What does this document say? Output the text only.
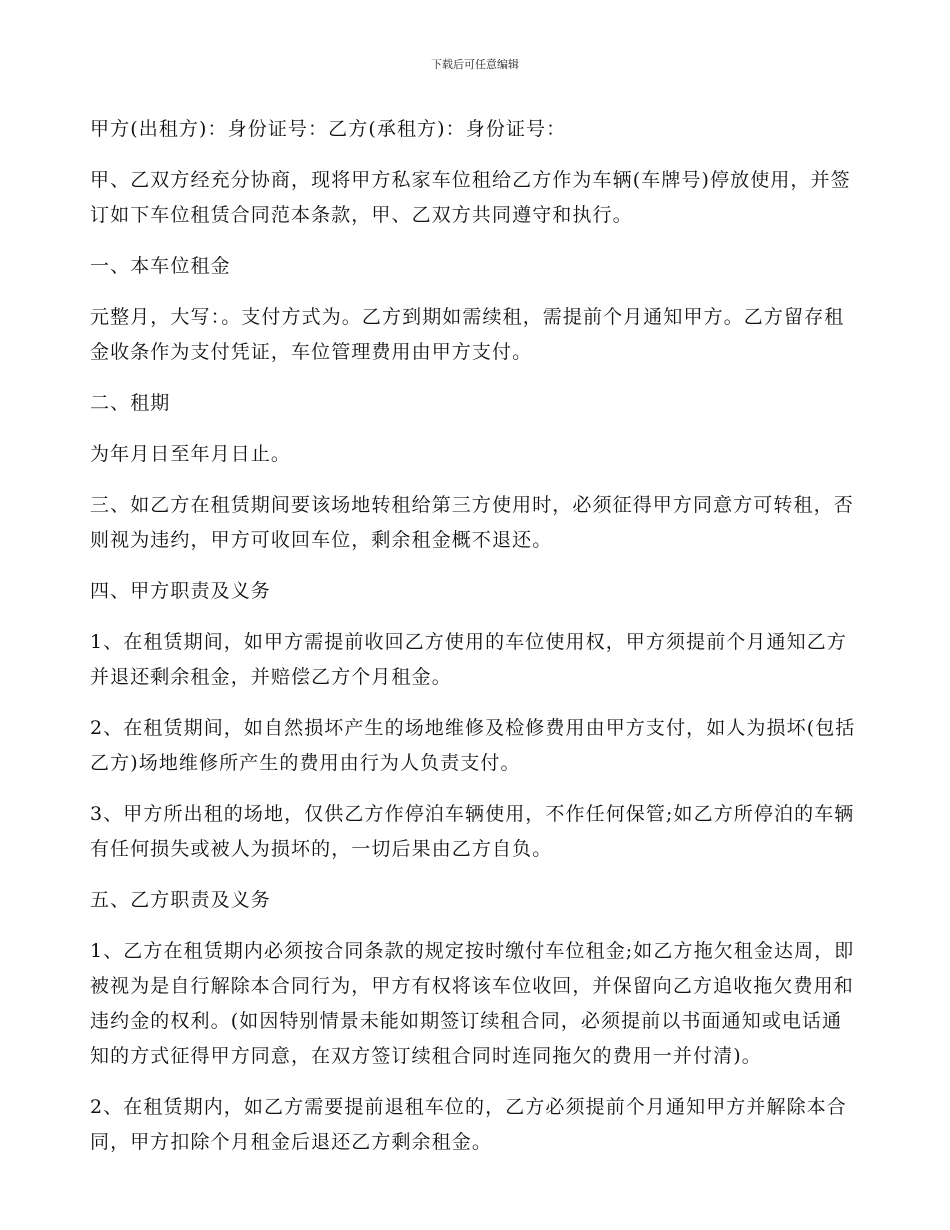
下载后可任意编辑

甲方(出租方)：身份证号：乙方(承租方)：身份证号：

甲、乙双方经充分协商，现将甲方私家车位租给乙方作为车辆(车牌号)停放使用，并签订如下车位租赁合同范本条款，甲、乙双方共同遵守和执行。

一、本车位租金

元整月，大写：。支付方式为。乙方到期如需续租，需提前个月通知甲方。乙方留存租金收条作为支付凭证，车位管理费用由甲方支付。

二、租期

为年月日至年月日止。

三、如乙方在租赁期间要该场地转租给第三方使用时，必须征得甲方同意方可转租，否则视为违约，甲方可收回车位，剩余租金概不退还。

四、甲方职责及义务

1、在租赁期间，如甲方需提前收回乙方使用的车位使用权，甲方须提前个月通知乙方并退还剩余租金，并赔偿乙方个月租金。

2、在租赁期间，如自然损坏产生的场地维修及检修费用由甲方支付，如人为损坏(包括乙方)场地维修所产生的费用由行为人负责支付。

3、甲方所出租的场地，仅供乙方作停泊车辆使用，不作任何保管;如乙方所停泊的车辆有任何损失或被人为损坏的，一切后果由乙方自负。

五、乙方职责及义务

1、乙方在租赁期内必须按合同条款的规定按时缴付车位租金;如乙方拖欠租金达周，即被视为是自行解除本合同行为，甲方有权将该车位收回，并保留向乙方追收拖欠费用和违约金的权利。(如因特别情景未能如期签订续租合同，必须提前以书面通知或电话通知的方式征得甲方同意，在双方签订续租合同时连同拖欠的费用一并付清)。

2、在租赁期内，如乙方需要提前退租车位的，乙方必须提前个月通知甲方并解除本合同，甲方扣除个月租金后退还乙方剩余租金。
